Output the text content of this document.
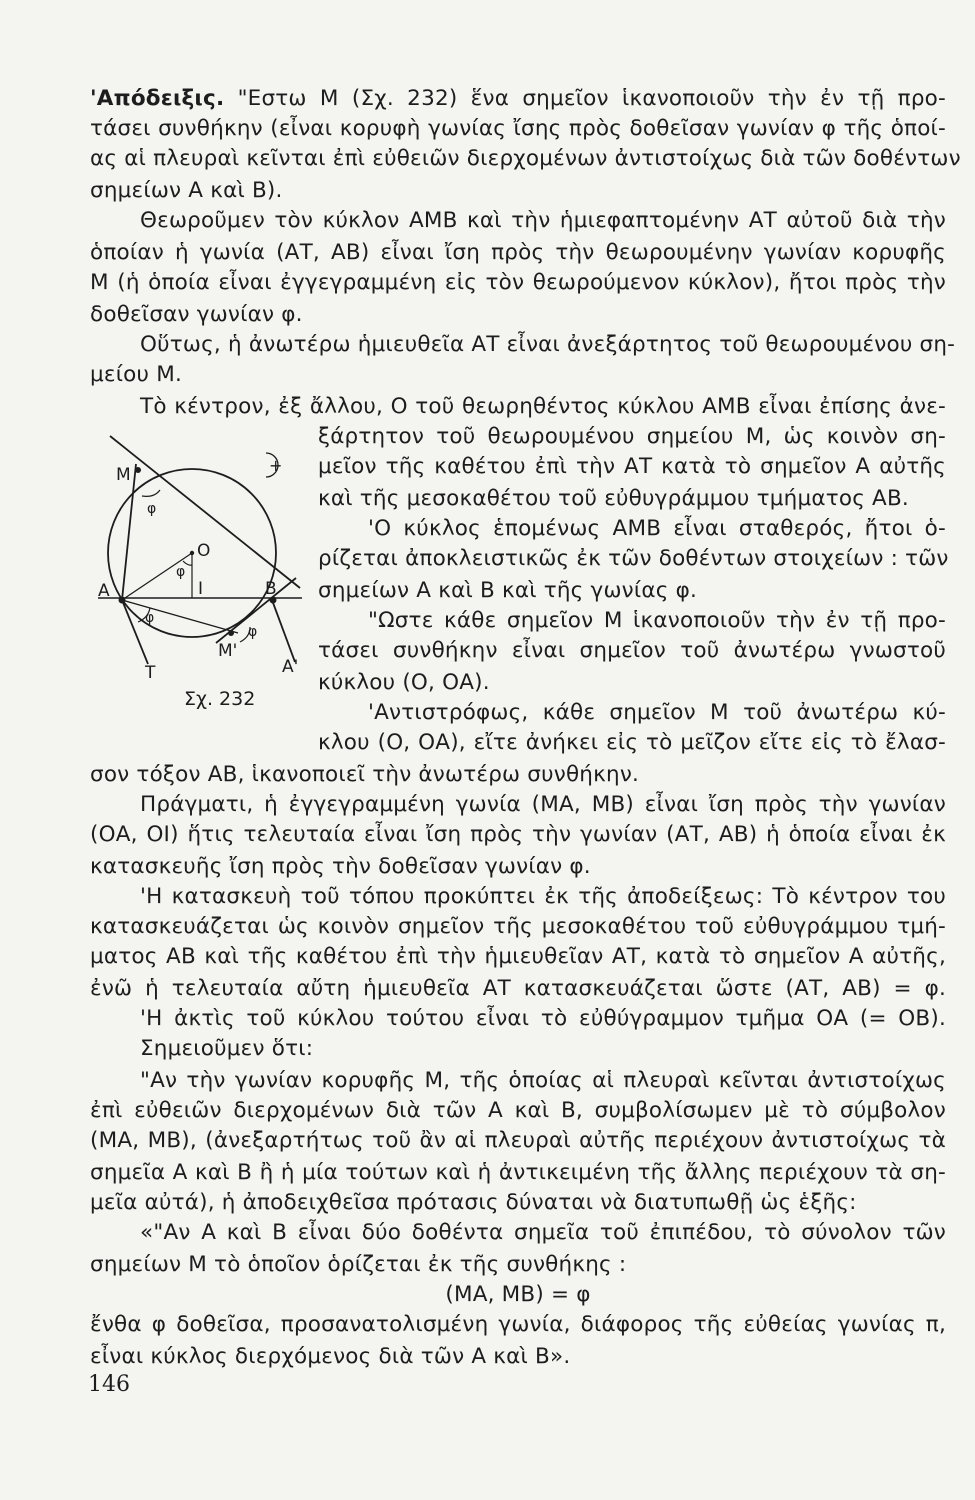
'Απόδειξις. "Εστω Μ (Σχ. 232) ἕνα σημεῖον ἱκανοποιοῦν τὴν ἐν τῇ προ-
τάσει συνθήκην (εἶναι κορυφὴ γωνίας ἴσης πρὸς δοθεῖσαν γωνίαν φ τῆς ὁποί-
ας αἱ πλευραὶ κεῖνται ἐπὶ εὐθειῶν διερχομένων ἀντιστοίχως διὰ τῶν δοθέντων
σημείων Α καὶ Β).
Θεωροῦμεν τὸν κύκλον ΑΜΒ καὶ τὴν ἡμιεφαπτομένην ΑΤ αὐτοῦ διὰ τὴν
ὁποίαν ἡ γωνία (ΑΤ, ΑΒ) εἶναι ἴση πρὸς τὴν θεωρουμένην γωνίαν κορυφῆς
Μ (ἡ ὁποία εἶναι ἐγγεγραμμένη εἰς τὸν θεωρούμενον κύκλον), ἤτοι πρὸς τὴν
δοθεῖσαν γωνίαν φ.
Οὕτως, ἡ ἀνωτέρω ἡμιευθεῖα ΑΤ εἶναι ἀνεξάρτητος τοῦ θεωρουμένου ση-
μείου Μ.
Τὸ κέντρον, ἐξ ἄλλου, Ο τοῦ θεωρηθέντος κύκλου ΑΜΒ εἶναι ἐπίσης ἀνε-
ξάρτητον τοῦ θεωρουμένου σημείου Μ, ὡς κοινὸν ση-
μεῖον τῆς καθέτου ἐπὶ τὴν ΑΤ κατὰ τὸ σημεῖον Α αὐτῆς
καὶ τῆς μεσοκαθέτου τοῦ εὐθυγράμμου τμήματος ΑΒ.
'Ο κύκλος ἑπομένως ΑΜΒ εἶναι σταθερός, ἤτοι ὁ-
ρίζεται ἀποκλειστικῶς ἐκ τῶν δοθέντων στοιχείων : τῶν
σημείων Α καὶ Β καὶ τῆς γωνίας φ.
"Ωστε κάθε σημεῖον Μ ἱκανοποιοῦν τὴν ἐν τῇ προ-
τάσει συνθήκην εἶναι σημεῖον τοῦ ἀνωτέρω γνωστοῦ
κύκλου (Ο, ΟΑ).
'Αντιστρόφως, κάθε σημεῖον Μ τοῦ ἀνωτέρω κύ-
κλου (Ο, ΟΑ), εἴτε ἀνήκει εἰς τὸ μεῖζον εἴτε εἰς τὸ ἔλασ-
σον τόξον ΑΒ, ἱκανοποιεῖ τὴν ἀνωτέρω συνθήκην.
Πράγματι, ἡ ἐγγεγραμμένη γωνία (ΜΑ, ΜΒ) εἶναι ἴση πρὸς τὴν γωνίαν
(ΟΑ, ΟΙ) ἥτις τελευταία εἶναι ἴση πρὸς τὴν γωνίαν (ΑΤ, ΑΒ) ἡ ὁποία εἶναι ἐκ
κατασκευῆς ἴση πρὸς τὴν δοθεῖσαν γωνίαν φ.
'Η κατασκευὴ τοῦ τόπου προκύπτει ἐκ τῆς ἀποδείξεως: Τὸ κέντρον του
κατασκευάζεται ὡς κοινὸν σημεῖον τῆς μεσοκαθέτου τοῦ εὐθυγράμμου τμή-
ματος ΑΒ καὶ τῆς καθέτου ἐπὶ τὴν ἡμιευθεῖαν ΑΤ, κατὰ τὸ σημεῖον Α αὐτῆς,
ἐνῶ ἡ τελευταία αὔτη ἡμιευθεῖα ΑΤ κατασκευάζεται ὥστε (ΑΤ, ΑΒ) = φ.
'Η ἀκτὶς τοῦ κύκλου τούτου εἶναι τὸ εὐθύγραμμον τμῆμα ΟΑ (= ΟΒ).
Σημειοῦμεν ὅτι:
"Αν τὴν γωνίαν κορυφῆς Μ, τῆς ὁποίας αἱ πλευραὶ κεῖνται ἀντιστοίχως
ἐπὶ εὐθειῶν διερχομένων διὰ τῶν Α καὶ Β, συμβολίσωμεν μὲ τὸ σύμβολον
(ΜΑ, ΜΒ), (ἀνεξαρτήτως τοῦ ἂν αἱ πλευραὶ αὐτῆς περιέχουν ἀντιστοίχως τὰ
σημεῖα Α καὶ Β ἢ ἡ μία τούτων καὶ ἡ ἀντικειμένη τῆς ἄλλης περιέχουν τὰ ση-
μεῖα αὐτά), ἡ ἀποδειχθεῖσα πρότασις δύναται νὰ διατυπωθῇ ὡς ἑξῆς:
«"Αν Α καὶ Β εἶναι δύο δοθέντα σημεῖα τοῦ ἐπιπέδου, τὸ σύνολον τῶν
σημείων Μ τὸ ὁποῖον ὁρίζεται ἐκ τῆς συνθήκης :
(ΜΑ, ΜΒ) = φ
ἔνθα φ δοθεῖσα, προσανατολισμένη γωνία, διάφορος τῆς εὐθείας γωνίας π,
εἶναι κύκλος διερχόμενος διὰ τῶν Α καὶ Β».
M
A	B
O
I
T	A'
M'
+
φ
φ
φ
φ
Σχ. 232
146
